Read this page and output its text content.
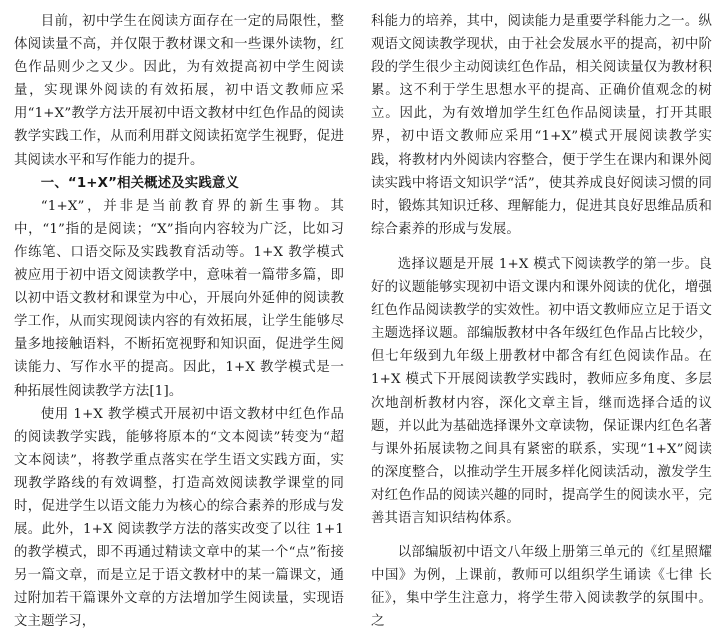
目前，初中学生在阅读方面存在一定的局限性，整体阅读量不高，并仅限于教材课文和一些课外读物，红色作品则少之又少。因此，为有效提高初中学生阅读量，实现课外阅读的有效拓展，初中语文教师应采用“1+X”教学方法开展初中语文教材中红色作品的阅读教学实践工作，从而利用群文阅读拓宽学生视野，促进其阅读水平和写作能力的提升。

一、“1+X”相关概述及实践意义

“1+X”，并非是当前教育界的新生事物。其中，“1”指的是阅读；“X”指向内容较为广泛，比如习作练笔、口语交际及实践教育活动等。1+X 教学模式被应用于初中语文阅读教学中，意味着一篇带多篇，即以初中语文教材和课堂为中心，开展向外延伸的阅读教学工作，从而实现阅读内容的有效拓展，让学生能够尽量多地接触语料，不断拓宽视野和知识面，促进学生阅读能力、写作水平的提高。因此，1+X 教学模式是一种拓展性阅读教学方法[1]。

使用 1+X 教学模式开展初中语文教材中红色作品的阅读教学实践，能够将原本的“文本阅读”转变为“超文本阅读”，将教学重点落实在学生语文实践方面，实现教学路线的有效调整，打造高效阅读教学课堂的同时，促进学生以语文能力为核心的综合素养的形成与发展。此外，1+X 阅读教学方法的落实改变了以往 1+1 的教学模式，即不再通过精读文章中的某一个“点”衔接另一篇文章，而是立足于语文教材中的某一篇课文，通过附加若干篇课外文章的方法增加学生阅读量，实现语文主题学习，

科能力的培养，其中，阅读能力是重要学科能力之一。纵观语文阅读教学现状，由于社会发展水平的提高，初中阶段的学生很少主动阅读红色作品，相关阅读量仅为教材积累。这不利于学生思想水平的提高、正确价值观念的树立。因此，为有效增加学生红色作品阅读量，打开其眼界，初中语文教师应采用“1+X”模式开展阅读教学实践，将教材内外阅读内容整合，便于学生在课内和课外阅读实践中将语文知识学“活”，使其养成良好阅读习惯的同时，锻炼其知识迁移、理解能力，促进其良好思维品质和综合素养的形成与发展。

选择议题是开展 1+X 模式下阅读教学的第一步。良好的议题能够实现初中语文课内和课外阅读的优化，增强红色作品阅读教学的实效性。初中语文教师应立足于语文主题选择议题。部编版教材中各年级红色作品占比较少，但七年级到九年级上册教材中都含有红色阅读作品。在 1+X 模式下开展阅读教学实践时，教师应多角度、多层次地剖析教材内容，深化文章主旨，继而选择合适的议题，并以此为基础选择课外文章读物，保证课内红色名著与课外拓展读物之间具有紧密的联系，实现“1+X”阅读的深度整合，以推动学生开展多样化阅读活动，激发学生对红色作品的阅读兴趣的同时，提高学生的阅读水平，完善其语言知识结构体系。

以部编版初中语文八年级上册第三单元的《红星照耀中国》为例，上课前，教师可以组织学生诵读《七律 长征》，集中学生注意力，将学生带入阅读教学的氛围中。之
